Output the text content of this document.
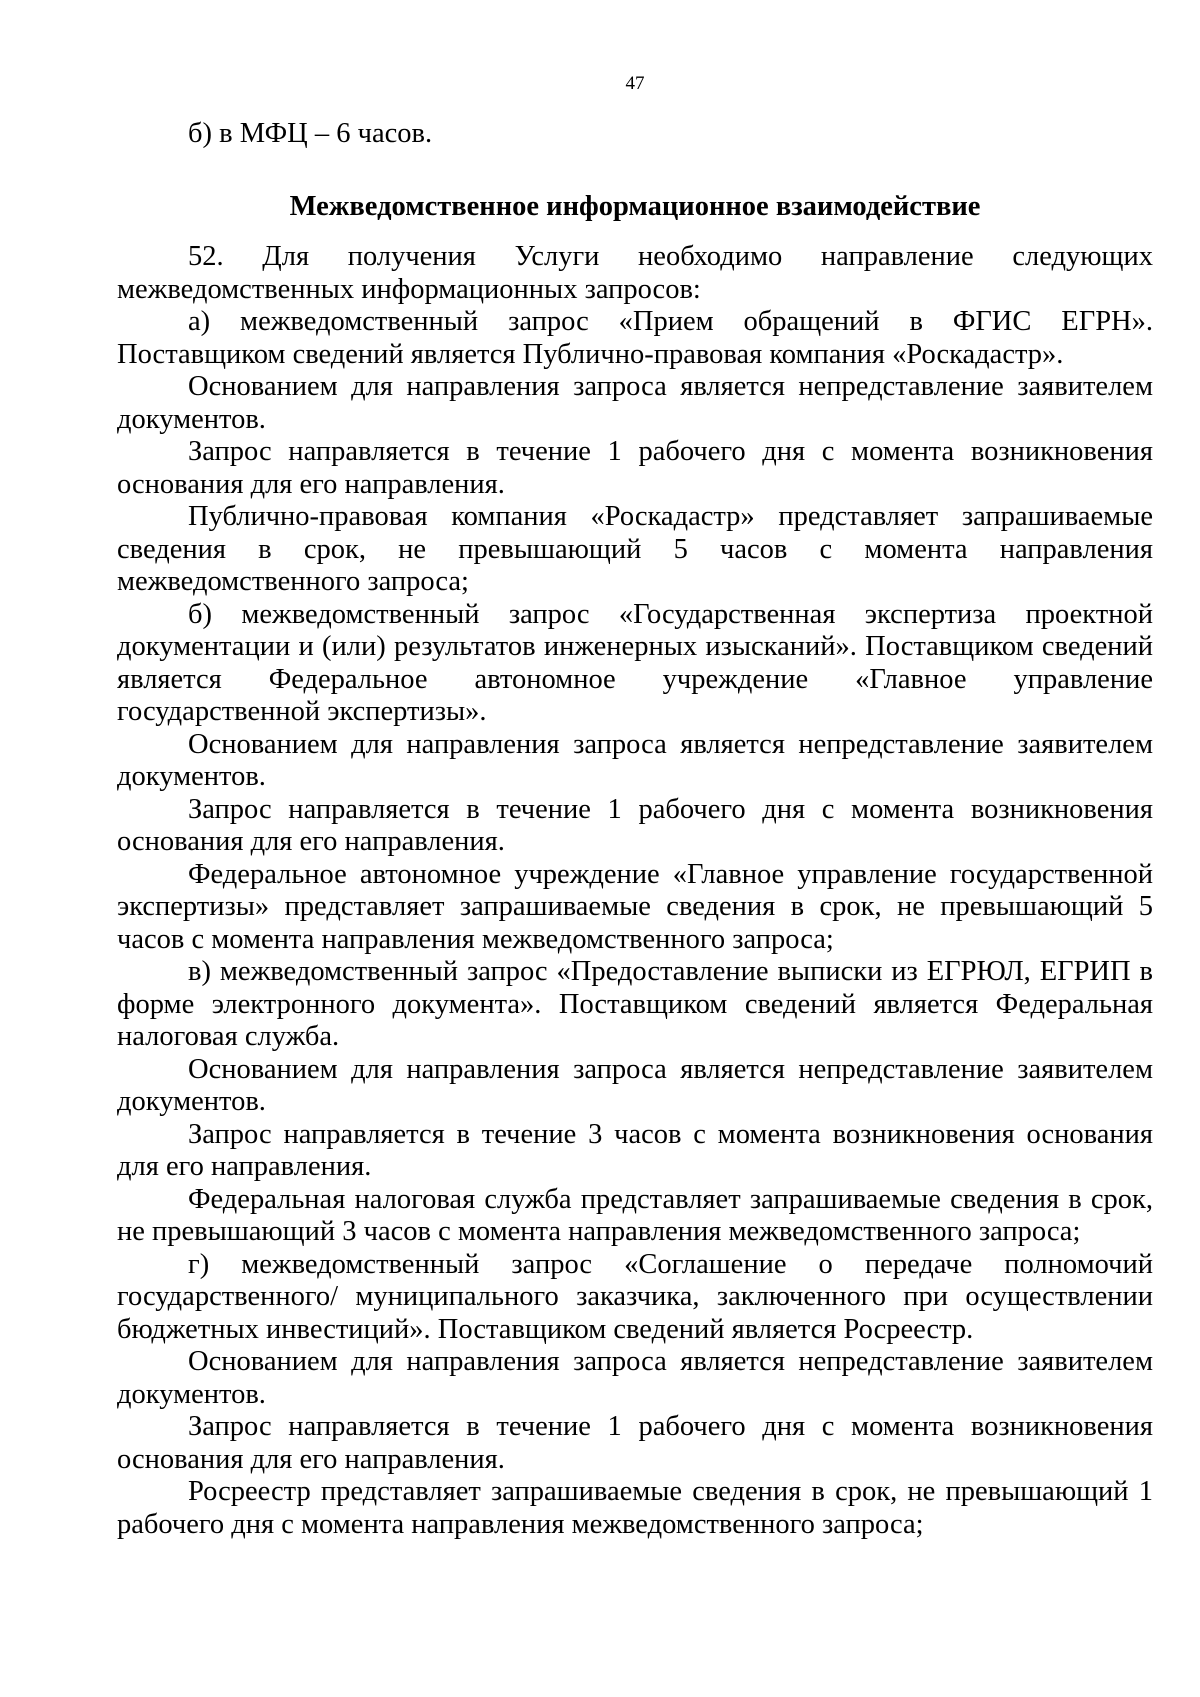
47

б) в МФЦ – 6 часов.

Межведомственное информационное взаимодействие

52. Для получения Услуги необходимо направление следующих межведомственных информационных запросов:

а) межведомственный запрос «Прием обращений в ФГИС ЕГРН». Поставщиком сведений является Публично-правовая компания «Роскадастр».

Основанием для направления запроса является непредставление заявителем документов.

Запрос направляется в течение 1 рабочего дня с момента возникновения основания для его направления.

Публично-правовая компания «Роскадастр» представляет запрашиваемые сведения в срок, не превышающий 5 часов с момента направления межведомственного запроса;

б) межведомственный запрос «Государственная экспертиза проектной документации и (или) результатов инженерных изысканий». Поставщиком сведений является Федеральное автономное учреждение «Главное управление государственной экспертизы».

Основанием для направления запроса является непредставление заявителем документов.

Запрос направляется в течение 1 рабочего дня с момента возникновения основания для его направления.

Федеральное автономное учреждение «Главное управление государственной экспертизы» представляет запрашиваемые сведения в срок, не превышающий 5 часов с момента направления межведомственного запроса;

в) межведомственный запрос «Предоставление выписки из ЕГРЮЛ, ЕГРИП в форме электронного документа». Поставщиком сведений является Федеральная налоговая служба.

Основанием для направления запроса является непредставление заявителем документов.

Запрос направляется в течение 3 часов с момента возникновения основания для его направления.

Федеральная налоговая служба представляет запрашиваемые сведения в срок, не превышающий 3 часов с момента направления межведомственного запроса;

г) межведомственный запрос «Соглашение о передаче полномочий государственного/ муниципального заказчика, заключенного при осуществлении бюджетных инвестиций». Поставщиком сведений является Росреестр.

Основанием для направления запроса является непредставление заявителем документов.

Запрос направляется в течение 1 рабочего дня с момента возникновения основания для его направления.

Росреестр представляет запрашиваемые сведения в срок, не превышающий 1 рабочего дня с момента направления межведомственного запроса;
